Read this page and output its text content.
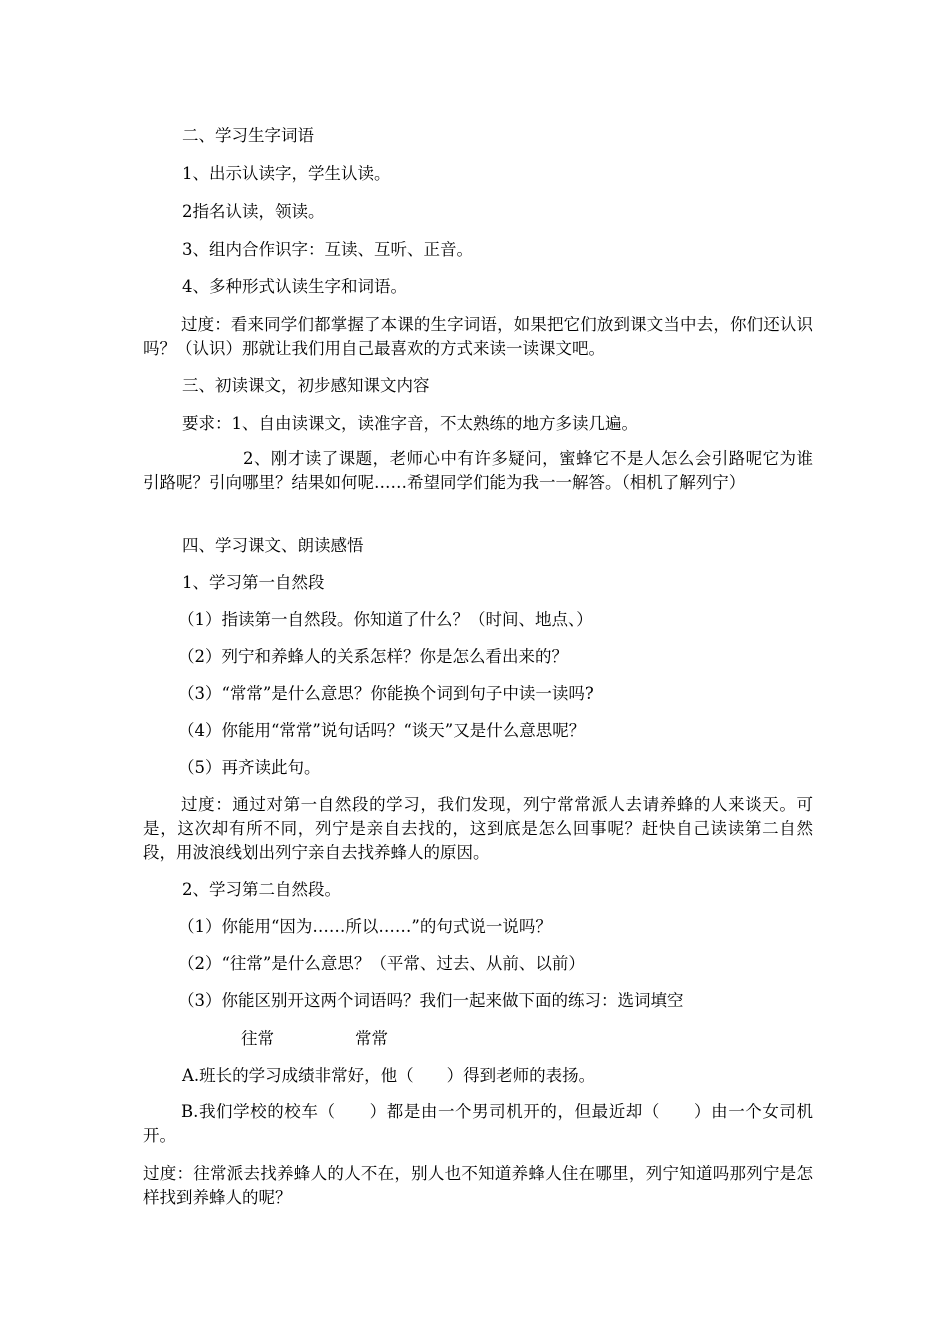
二、学习生字词语

1、出示认读字，学生认读。

2指名认读，领读。

3、组内合作识字：互读、互听、正音。

4、多种形式认读生字和词语。

过度：看来同学们都掌握了本课的生字词语，如果把它们放到课文当中去，你们还认识吗？（认识）那就让我们用自己最喜欢的方式来读一读课文吧。

三、初读课文，初步感知课文内容

要求：1、自由读课文，读准字音，不太熟练的地方多读几遍。

2、刚才读了课题，老师心中有许多疑问，蜜蜂它不是人怎么会引路呢它为谁引路呢？引向哪里？结果如何呢……希望同学们能为我一一解答。（相机了解列宁）

四、学习课文、朗读感悟

1、学习第一自然段

（1）指读第一自然段。你知道了什么？（时间、地点、）

（2）列宁和养蜂人的关系怎样？你是怎么看出来的？

（3）“常常”是什么意思？你能换个词到句子中读一读吗?

（4）你能用“常常”说句话吗？“谈天”又是什么意思呢？

（5）再齐读此句。

过度：通过对第一自然段的学习，我们发现，列宁常常派人去请养蜂的人来谈天。可是，这次却有所不同，列宁是亲自去找的，这到底是怎么回事呢？赶快自己读读第二自然段，用波浪线划出列宁亲自去找养蜂人的原因。

2、学习第二自然段。

（1）你能用“因为……所以……”的句式说一说吗？

（2）“往常”是什么意思？（平常、过去、从前、以前）

（3）你能区别开这两个词语吗？我们一起来做下面的练习：选词填空

往常	常常

A.班长的学习成绩非常好，他（　　）得到老师的表扬。

B.我们学校的校车（　　）都是由一个男司机开的，但最近却（　　）由一个女司机开。

过度：往常派去找养蜂人的人不在，别人也不知道养蜂人住在哪里，列宁知道吗那列宁是怎样找到养蜂人的呢？
